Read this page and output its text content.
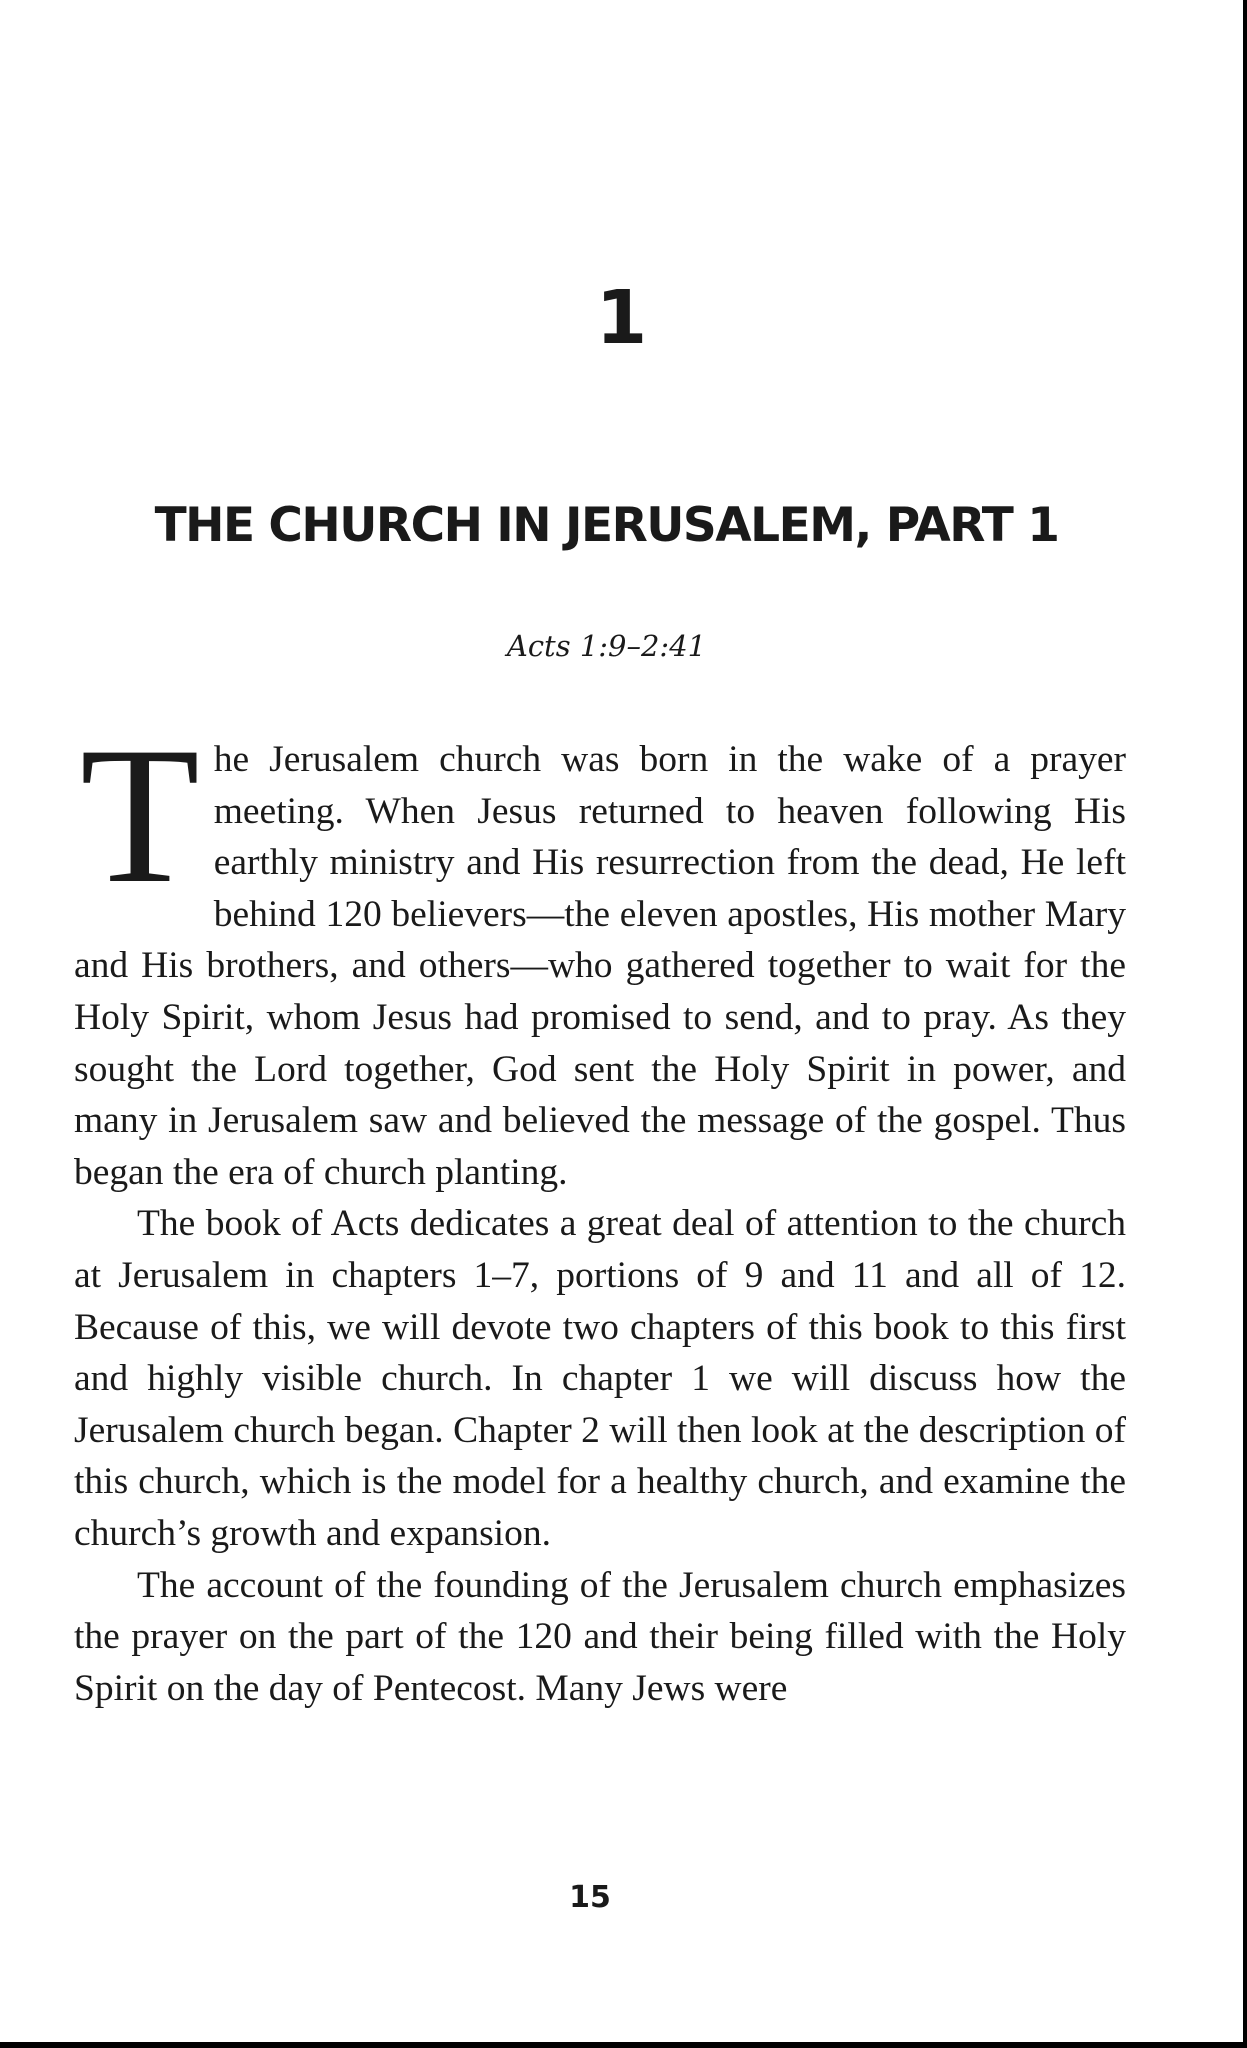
1
THE CHURCH IN JERUSALEM, PART 1
Acts 1:9–2:41

The Jerusalem church was born in the wake of a prayer meeting. When Jesus returned to heaven following His earthly ministry and His resurrection from the dead, He left behind 120 believers—the eleven apostles, His mother Mary and His brothers, and others—who gathered together to wait for the Holy Spirit, whom Jesus had promised to send, and to pray. As they sought the Lord together, God sent the Holy Spirit in power, and many in Jerusalem saw and believed the message of the gospel. Thus began the era of church planting.

The book of Acts dedicates a great deal of attention to the church at Jerusalem in chapters 1–7, portions of 9 and 11 and all of 12. Because of this, we will devote two chapters of this book to this first and highly visible church. In chapter 1 we will discuss how the Jerusalem church began. Chapter 2 will then look at the description of this church, which is the model for a healthy church, and examine the church’s growth and expansion.

The account of the founding of the Jerusalem church emphasizes the prayer on the part of the 120 and their being filled with the Holy Spirit on the day of Pentecost. Many Jews were

15
